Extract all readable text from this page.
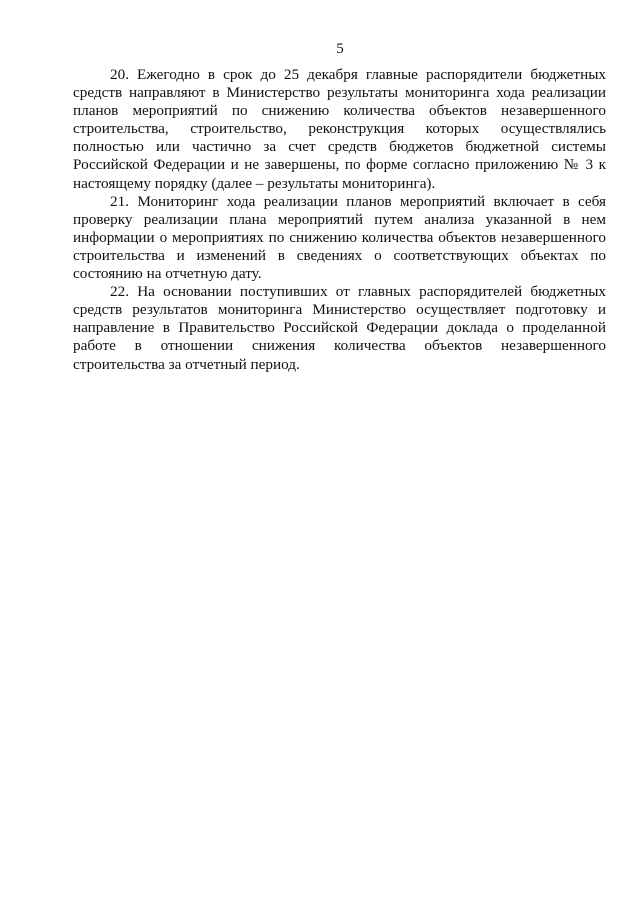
5

20. Ежегодно в срок до 25 декабря главные распорядители бюджетных средств направляют в Министерство результаты мониторинга хода реализации планов мероприятий по снижению количества объектов незавершенного строительства, строительство, реконструкция которых осуществлялись полностью или частично за счет средств бюджетов бюджетной системы Российской Федерации и не завершены, по форме согласно приложению № 3 к настоящему порядку (далее – результаты мониторинга).

21. Мониторинг хода реализации планов мероприятий включает в себя проверку реализации плана мероприятий путем анализа указанной в нем информации о мероприятиях по снижению количества объектов незавершенного строительства и изменений в сведениях о соответствующих объектах по состоянию на отчетную дату.

22. На основании поступивших от главных распорядителей бюджетных средств результатов мониторинга Министерство осуществляет подготовку и направление в Правительство Российской Федерации доклада о проделанной работе в отношении снижения количества объектов незавершенного строительства за отчетный период.
